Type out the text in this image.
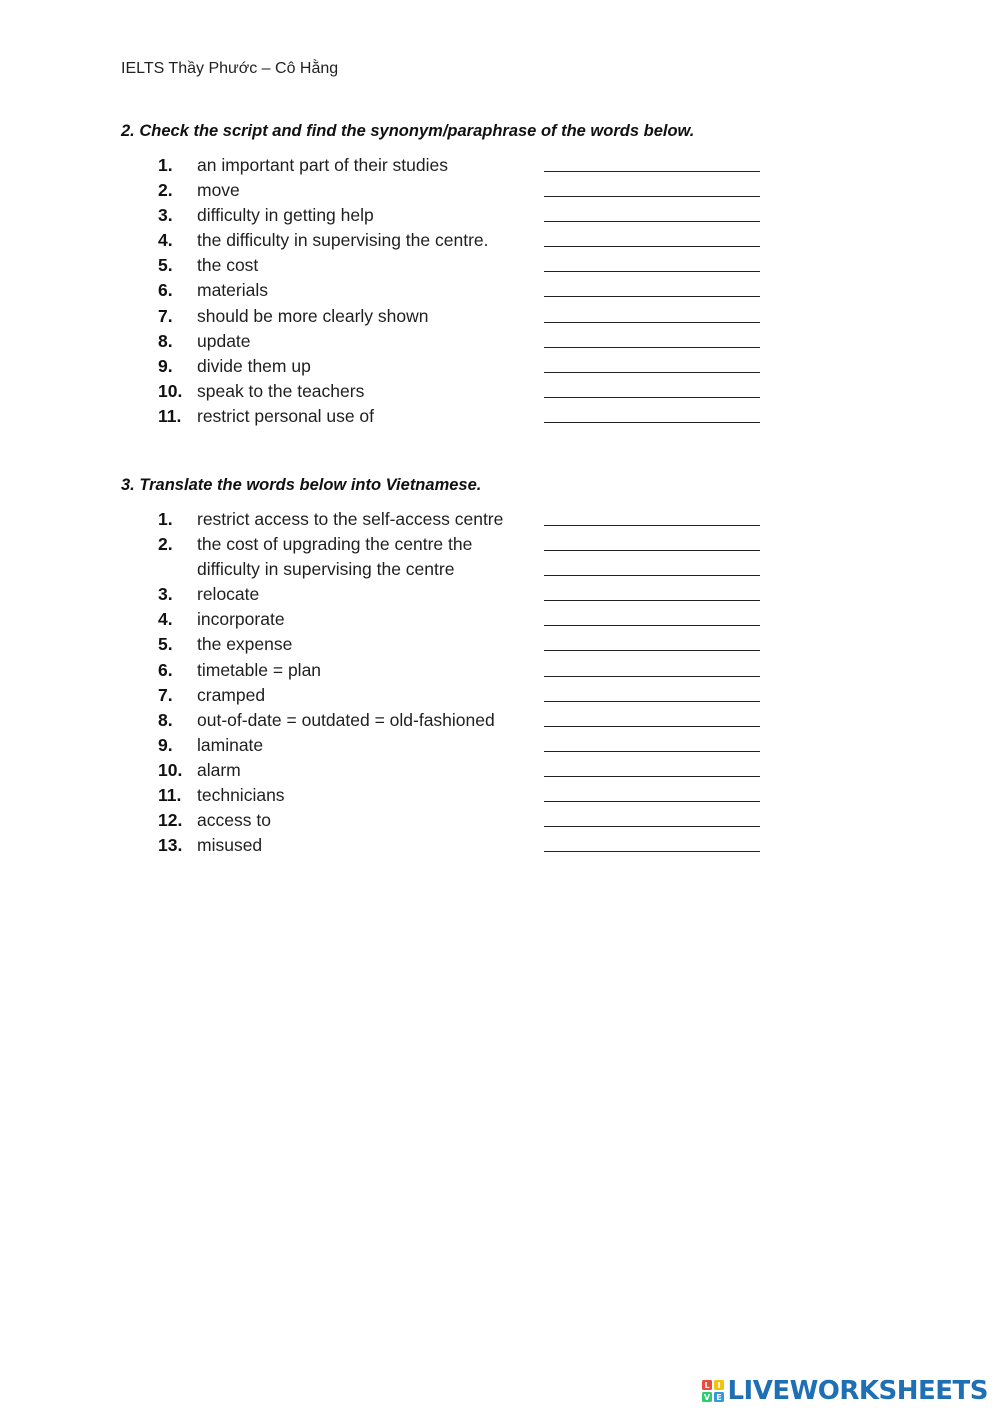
IELTS Thầy Phước – Cô Hằng
2. Check the script and find the synonym/paraphrase of the words below.
1. an important part of their studies
2. move
3. difficulty in getting help
4. the difficulty in supervising the centre.
5. the cost
6. materials
7. should be more clearly shown
8. update
9. divide them up
10. speak to the teachers
11. restrict personal use of
3. Translate the words below into Vietnamese.
1. restrict access to the self-access centre
2. the cost of upgrading the centre the
difficulty in supervising the centre
3. relocate
4. incorporate
5. the expense
6. timetable = plan
7. cramped
8. out-of-date = outdated = old-fashioned
9. laminate
10. alarm
11. technicians
12. access to
13. misused
L I
V E LIVEWORKSHEETS
